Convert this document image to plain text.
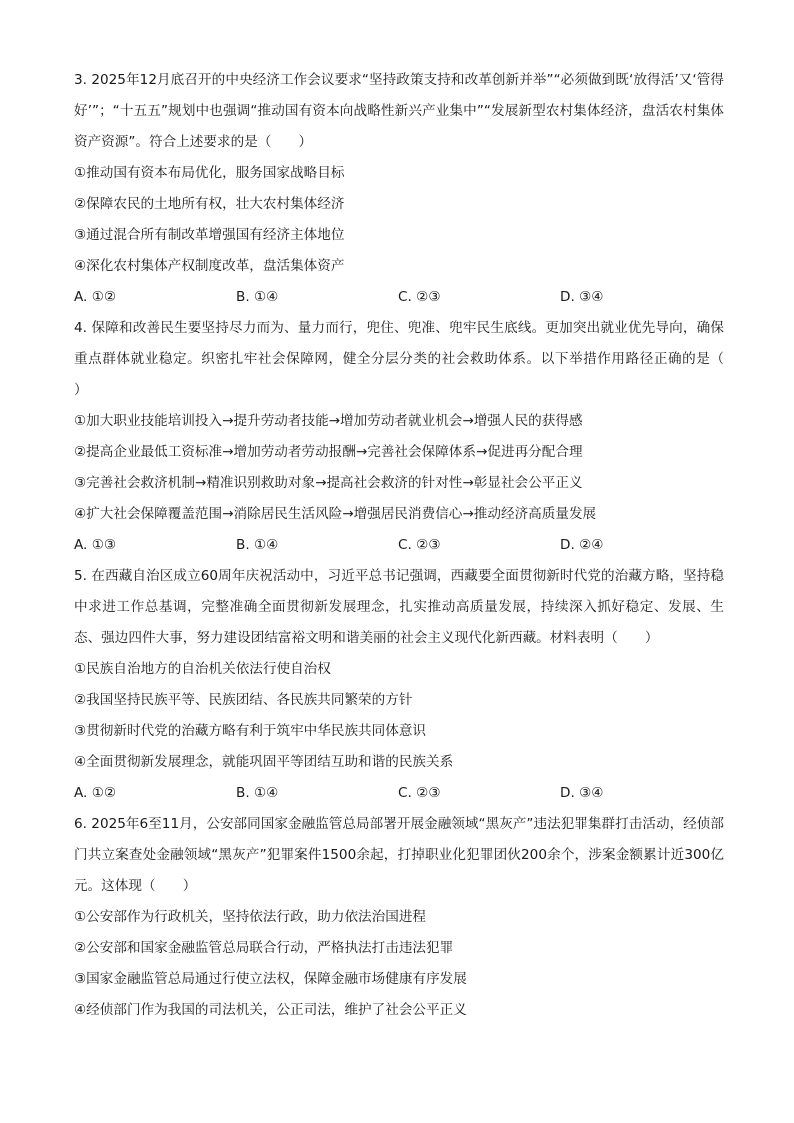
3. 2025年12月底召开的中央经济工作会议要求“坚持政策支持和改革创新并举”“必须做到既‘放得活’又‘管得好’”；“十五五”规划中也强调“推动国有资本向战略性新兴产业集中”“发展新型农村集体经济，盘活农村集体资产资源”。符合上述要求的是（　　）

①推动国有资本布局优化，服务国家战略目标

②保障农民的土地所有权，壮大农村集体经济

③通过混合所有制改革增强国有经济主体地位

④深化农村集体产权制度改革，盘活集体资产

A. ①②	B. ①④	C. ②③	D. ③④

4. 保障和改善民生要坚持尽力而为、量力而行，兜住、兜准、兜牢民生底线。更加突出就业优先导向，确保重点群体就业稳定。织密扎牢社会保障网，健全分层分类的社会救助体系。以下举措作用路径正确的是（　　）

①加大职业技能培训投入→提升劳动者技能→增加劳动者就业机会→增强人民的获得感

②提高企业最低工资标准→增加劳动者劳动报酬→完善社会保障体系→促进再分配合理

③完善社会救济机制→精准识别救助对象→提高社会救济的针对性→彰显社会公平正义

④扩大社会保障覆盖范围→消除居民生活风险→增强居民消费信心→推动经济高质量发展

A. ①③	B. ①④	C. ②③	D. ②④

5. 在西藏自治区成立60周年庆祝活动中，习近平总书记强调，西藏要全面贯彻新时代党的治藏方略，坚持稳中求进工作总基调，完整准确全面贯彻新发展理念，扎实推动高质量发展，持续深入抓好稳定、发展、生态、强边四件大事，努力建设团结富裕文明和谐美丽的社会主义现代化新西藏。材料表明（　　）

①民族自治地方的自治机关依法行使自治权

②我国坚持民族平等、民族团结、各民族共同繁荣的方针

③贯彻新时代党的治藏方略有利于筑牢中华民族共同体意识

④全面贯彻新发展理念，就能巩固平等团结互助和谐的民族关系

A. ①②	B. ①④	C. ②③	D. ③④

6. 2025年6至11月，公安部同国家金融监管总局部署开展金融领域“黑灰产”违法犯罪集群打击活动，经侦部门共立案查处金融领域“黑灰产”犯罪案件1500余起，打掉职业化犯罪团伙200余个，涉案金额累计近300亿元。这体现（　　）

①公安部作为行政机关，坚持依法行政，助力依法治国进程

②公安部和国家金融监管总局联合行动，严格执法打击违法犯罪

③国家金融监管总局通过行使立法权，保障金融市场健康有序发展

④经侦部门作为我国的司法机关，公正司法，维护了社会公平正义
